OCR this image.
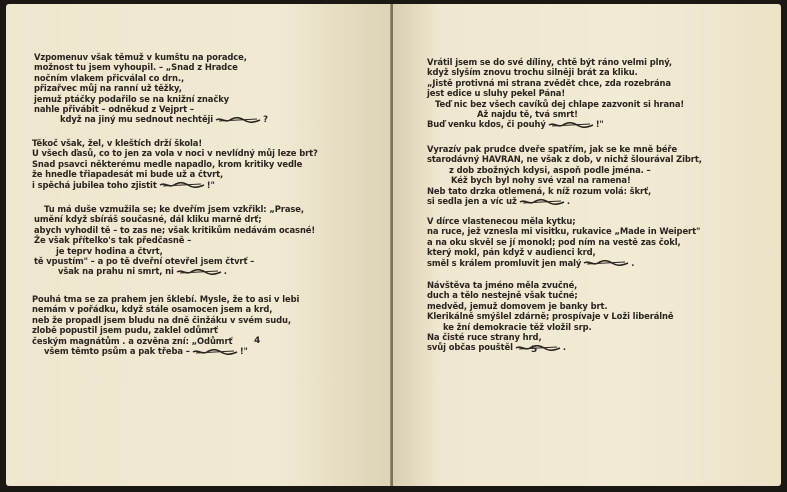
Vzpomenuv však těmuž v kumštu na poradce,
možnost tu jsem vyhoupil. – „Snad z Hradce
nočním vlakem přicválal co drn.,
přizařvec můj na ranní už těžky,
jemuž ptáčky podařilo se na knižní značky
nahle přivábit – odněkud z Vejprt –
když na jiný mu sednout nechtěji	?
Těkoč však, žel, v kleštích drží škola!
U všech ďasů, co to jen za vola v noci v nevlídný můj leze brt?
Snad psavci některému medle napadlo, krom kritiky vedle
že hnedle třiapadesát mi bude už a čtvrt,
i spěchá jubilea toho zjistit	!"
Tu má duše vzmužila se; ke dveřím jsem vzkřikl: „Prase,
umění když sbíráš současné, dál kliku marně drť;
abych vyhodil tě – to zas ne; však kritikům nedávám ocasné!
Že však přítelko's tak předčasně –
je teprv hodina a čtvrt,
tě vpustím" – a po tě dveřní otevřel jsem čtvrť –
však na prahu ni smrt, ni	.
Pouhá tma se za prahem jen šklebí. Mysle, že to asi v lebi
nemám v pořádku, když stále osamocen jsem a krd,
neb že propadl jsem bludu na dně činžáku v svém sudu,
zlobě popustil jsem pudu, zaklel odůmrť
českým magnátům . a ozvěna zní: „Odůmrť
všem těmto psům a pak třeba –	!"
4
Vrátil jsem se do své díliny, chtě být ráno velmi plný,
když slyším znovu trochu silněji brát za kliku.
„Jistě protivná mi strana zvědět chce, zda rozebrána
jest edice u sluhy pekel Pána!
Teď nic bez všech cavíků dej chlape zazvonit si hrana!
Až najdu tě, tvá smrt!
Buď venku kdos, či pouhý	!"
Vyrazív pak prudce dveře spatřím, jak se ke mně béře
starodávný HAVRAN, ne však z dob, v nichž šlourával Zibrt,
z dob zbožných kdysi, aspoň podle jména. –
Kéž bych byl nohy své vzal na ramena!
Neb tato drzka otlemená, k níž rozum volá: škrť,
si sedla jen a víc už	.
V dírce vlastenecou měla kytku;
na ruce, jež vznesla mi visitku, rukavice „Made in Weipert"
a na oku skvěl se jí monokl; pod ním na vestě zas čokl,
který mokl, pán když v audienci krd,
směl s králem promluvit jen malý	.
Návštěva ta jméno měla zvučné,
duch a tělo nestejně však tučné;
medvěd, jemuž domovem je banky brt.
Klerikálně smýšlel zdárně; prospívaje v Loži liberálně
ke žní demokracie těž vložil srp.
Na čisté ruce strany hrd,
svůj občas pouštěl	.
5
